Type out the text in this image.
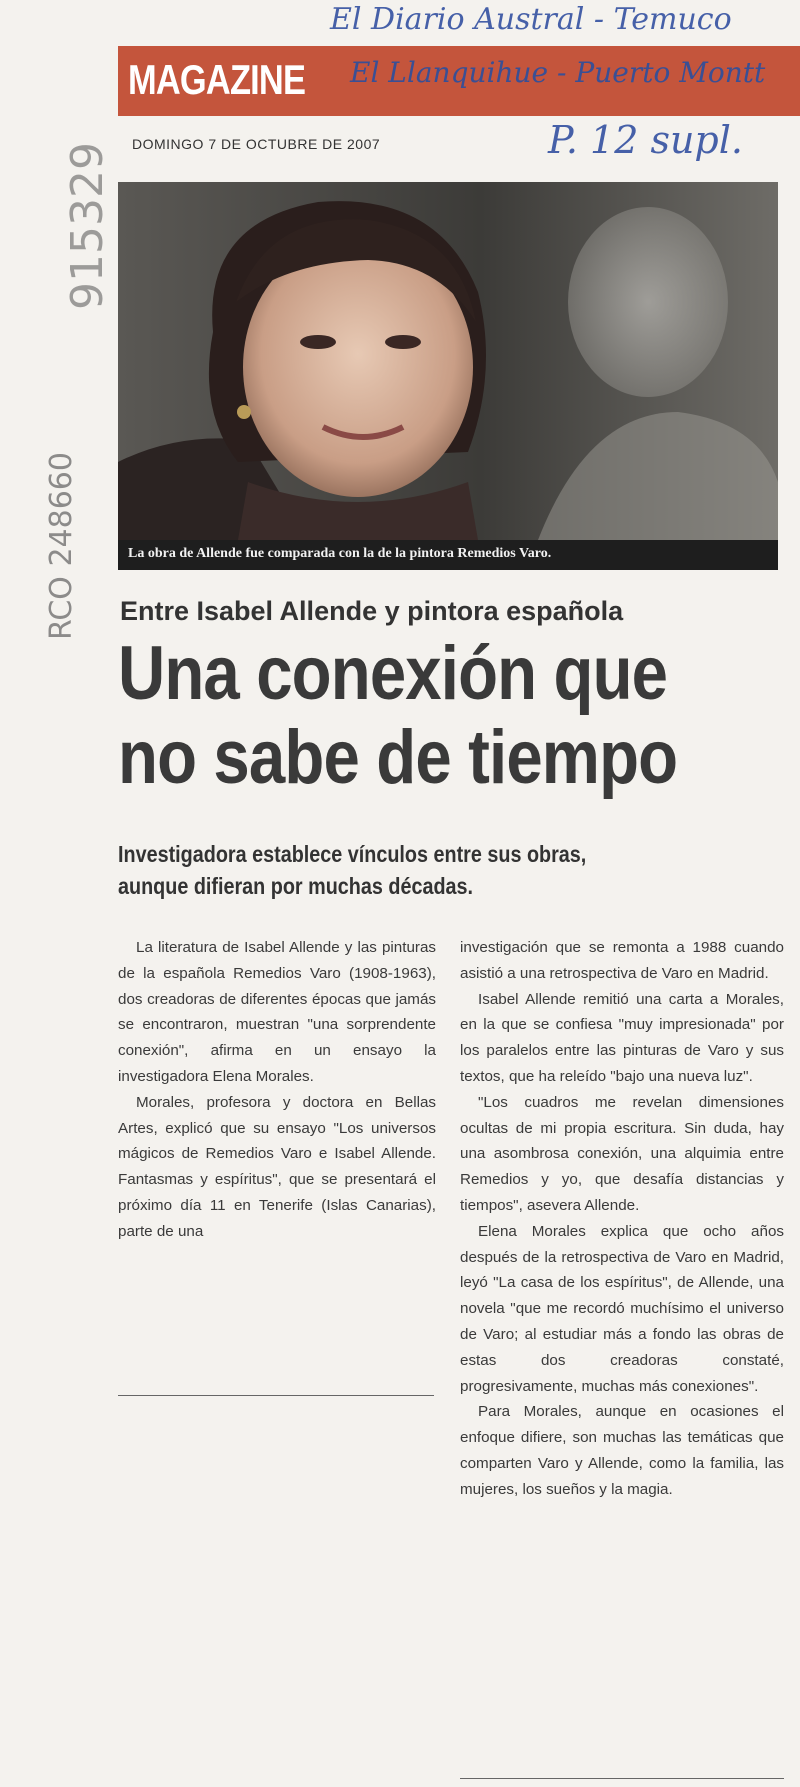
MAGAZINE
El Diario Austral - Temuco
El Llanquihue - Puerto Montt
P. 12 supl.
DOMINGO 7 DE OCTUBRE DE 2007
915329
RCO 248660	La obra de Allende fue comparada con la de la pintora Remedios Varo.
Entre Isabel Allende y pintora española
Una conexión que
no sabe de tiempo
Investigadora establece vínculos entre sus obras,
aunque difieran por muchas décadas.

La literatura de Isabel Allende y las pinturas de la española Remedios Varo (1908-1963), dos creadoras de diferentes épocas que jamás se encontraron, muestran "una sorprendente conexión", afirma en un ensayo la investigadora Elena Morales.

Morales, profesora y doctora en Bellas Artes, explicó que su ensayo "Los universos mágicos de Remedios Varo e Isabel Allende. Fantasmas y espíritus", que se presentará el próximo día 11 en Tenerife (Islas Canarias), parte de una

investigación que se remonta a 1988 cuando asistió a una retrospectiva de Varo en Madrid.

Isabel Allende remitió una carta a Morales, en la que se confiesa "muy impresionada" por los paralelos entre las pinturas de Varo y sus textos, que ha releído "bajo una nueva luz".

"Los cuadros me revelan dimensiones ocultas de mi propia escritura. Sin duda, hay una asombrosa conexión, una alquimia entre Remedios y yo, que desafía distancias y tiempos", asevera Allende.

Elena Morales explica que ocho años después de la retrospectiva de Varo en Madrid, leyó "La casa de los espíritus", de Allende, una novela "que me recordó muchísimo el universo de Varo; al estudiar más a fondo las obras de estas dos creadoras constaté, progresivamente, muchas más conexiones".

Para Morales, aunque en ocasiones el enfoque difiere, son muchas las temáticas que comparten Varo y Allende, como la familia, las mujeres, los sueños y la magia.
